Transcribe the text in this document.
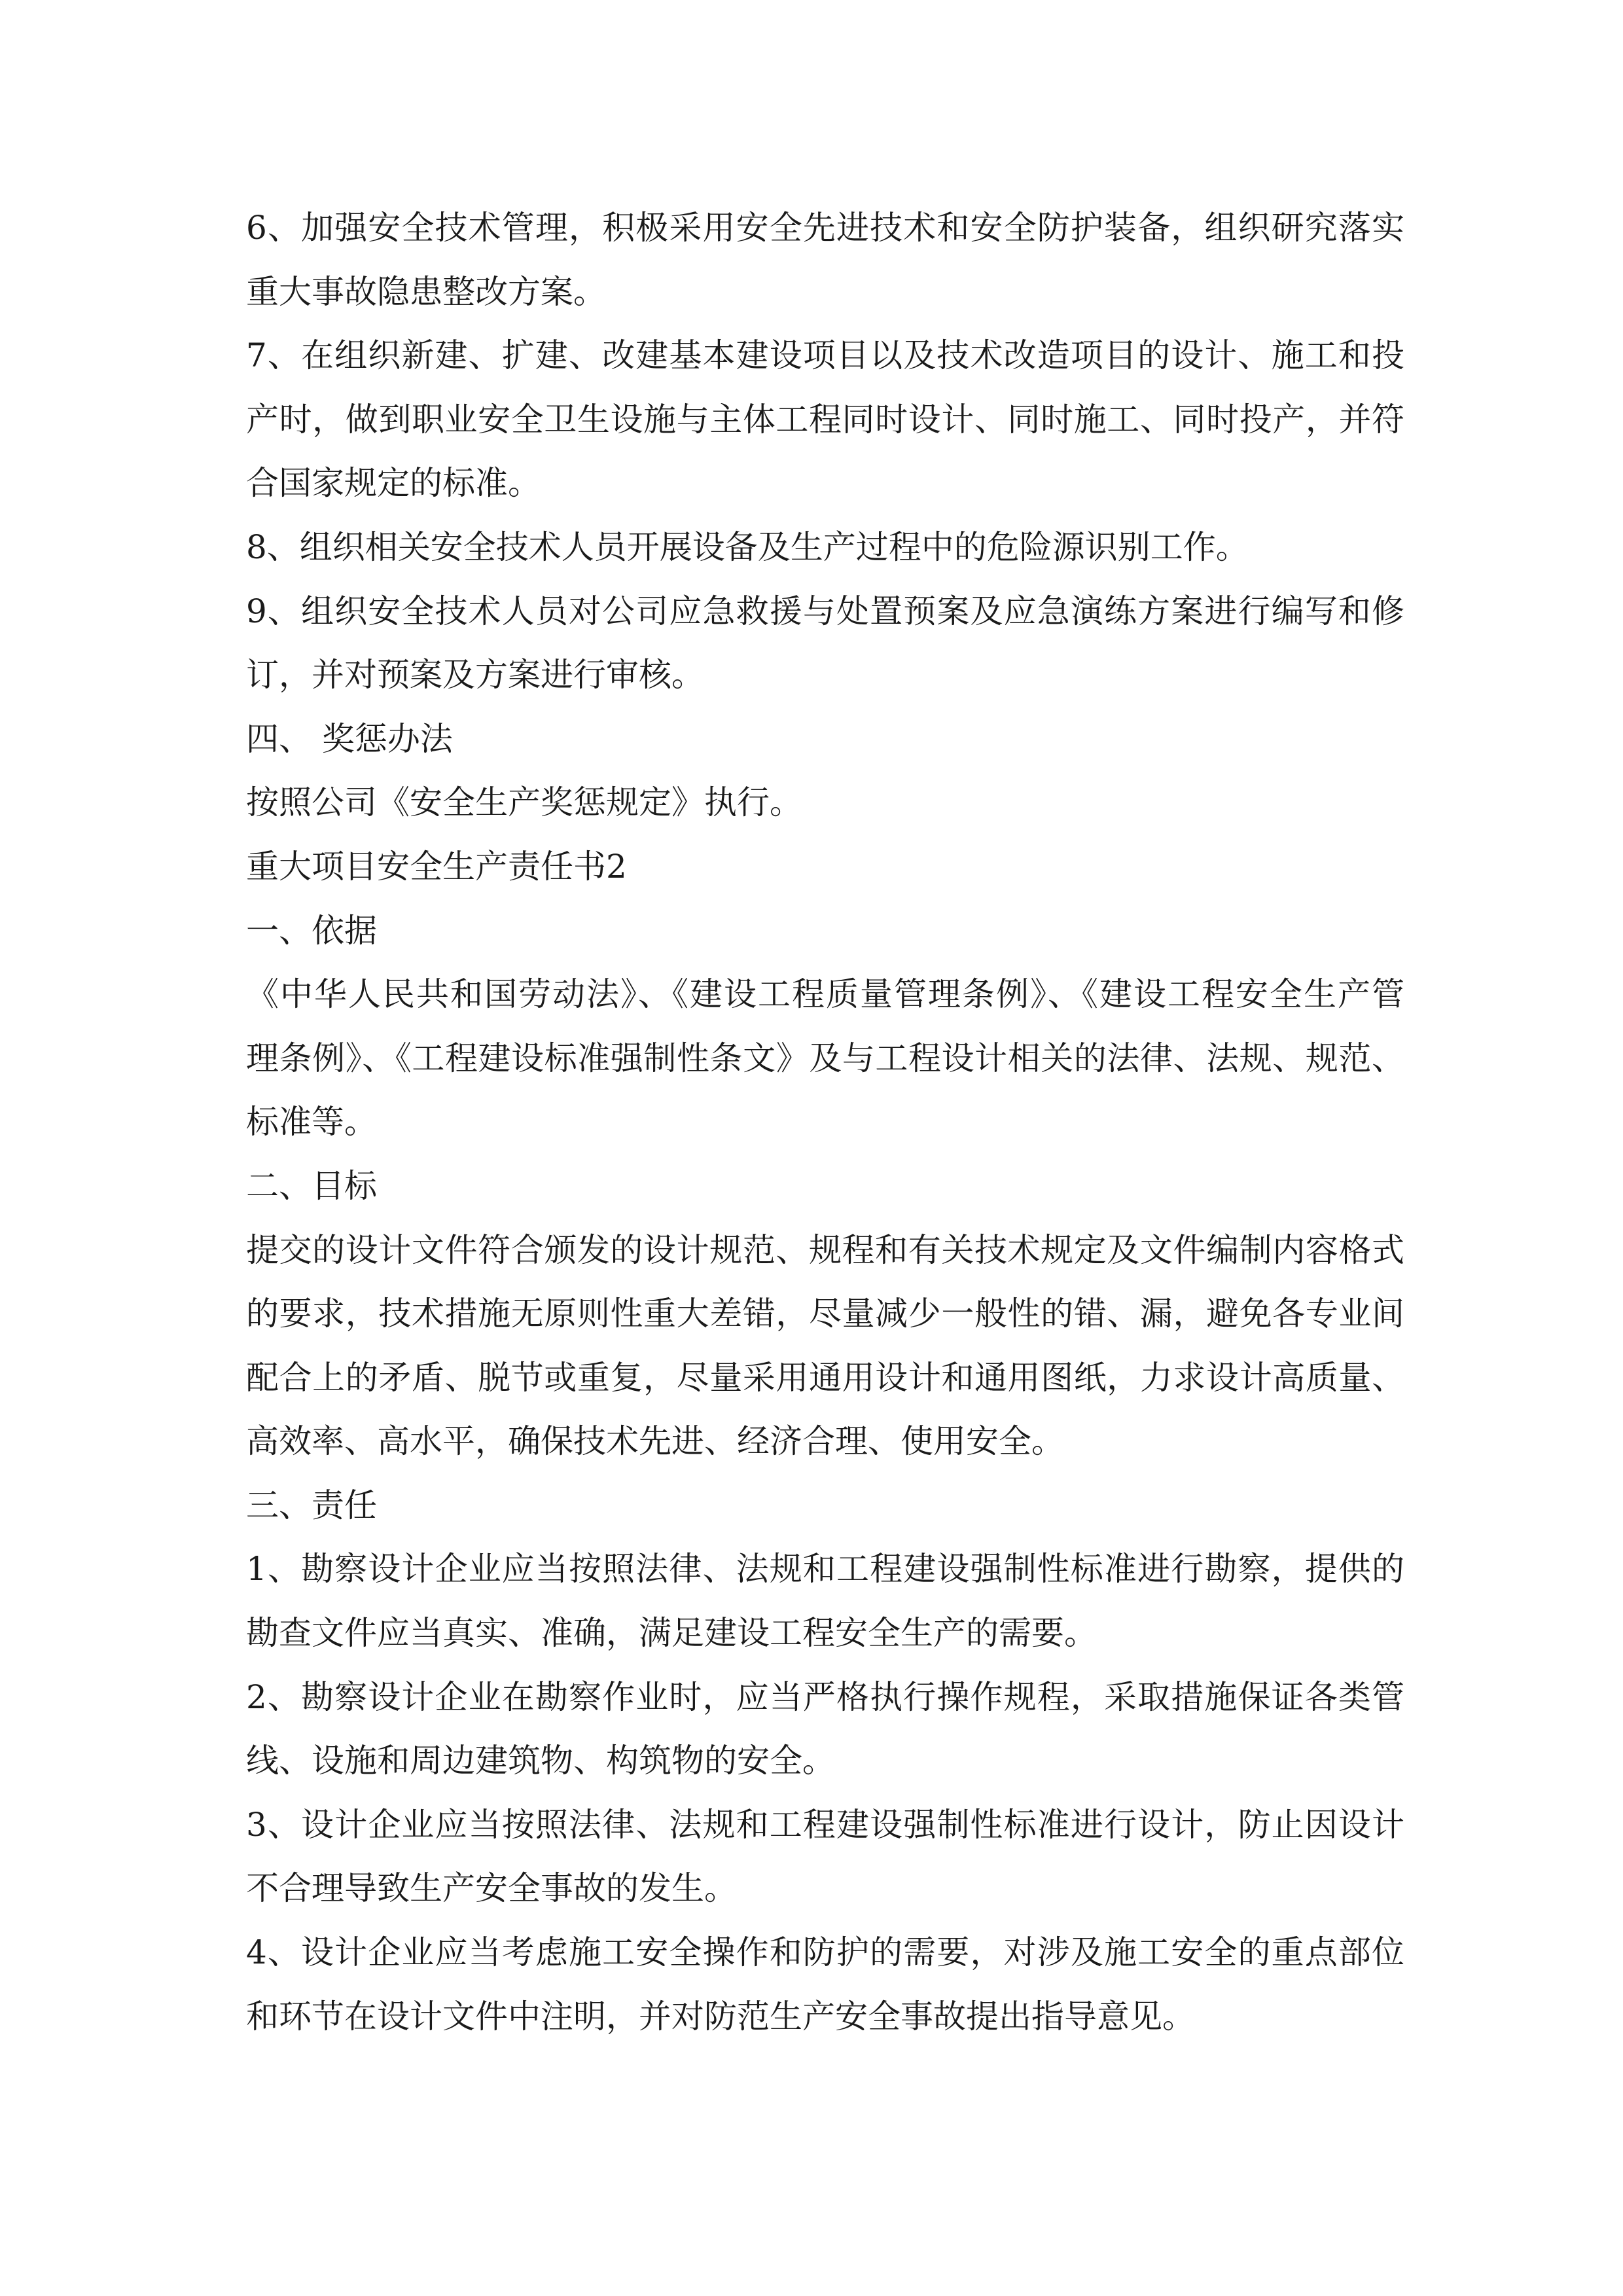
6、加强安全技术管理，积极采用安全先进技术和安全防护装备，组织研究落实
重大事故隐患整改方案。
7、在组织新建、扩建、改建基本建设项目以及技术改造项目的设计、施工和投
产时，做到职业安全卫生设施与主体工程同时设计、同时施工、同时投产，并符
合国家规定的标准。
8、组织相关安全技术人员开展设备及生产过程中的危险源识别工作。
9、组织安全技术人员对公司应急救援与处置预案及应急演练方案进行编写和修
订，并对预案及方案进行审核。
四、 奖惩办法
按照公司《安全生产奖惩规定》执行。
重大项目安全生产责任书2
一、依据
《中华人民共和国劳动法》、《建设工程质量管理条例》、《建设工程安全生产管
理条例》、《工程建设标准强制性条文》及与工程设计相关的法律、法规、规范、
标准等。
二、目标
提交的设计文件符合颁发的设计规范、规程和有关技术规定及文件编制内容格式
的要求，技术措施无原则性重大差错，尽量减少一般性的错、漏，避免各专业间
配合上的矛盾、脱节或重复，尽量采用通用设计和通用图纸，力求设计高质量、
高效率、高水平，确保技术先进、经济合理、使用安全。
三、责任
1、勘察设计企业应当按照法律、法规和工程建设强制性标准进行勘察，提供的
勘查文件应当真实、准确，满足建设工程安全生产的需要。
2、勘察设计企业在勘察作业时，应当严格执行操作规程，采取措施保证各类管
线、设施和周边建筑物、构筑物的安全。
3、设计企业应当按照法律、法规和工程建设强制性标准进行设计，防止因设计
不合理导致生产安全事故的发生。
4、设计企业应当考虑施工安全操作和防护的需要，对涉及施工安全的重点部位
和环节在设计文件中注明，并对防范生产安全事故提出指导意见。
